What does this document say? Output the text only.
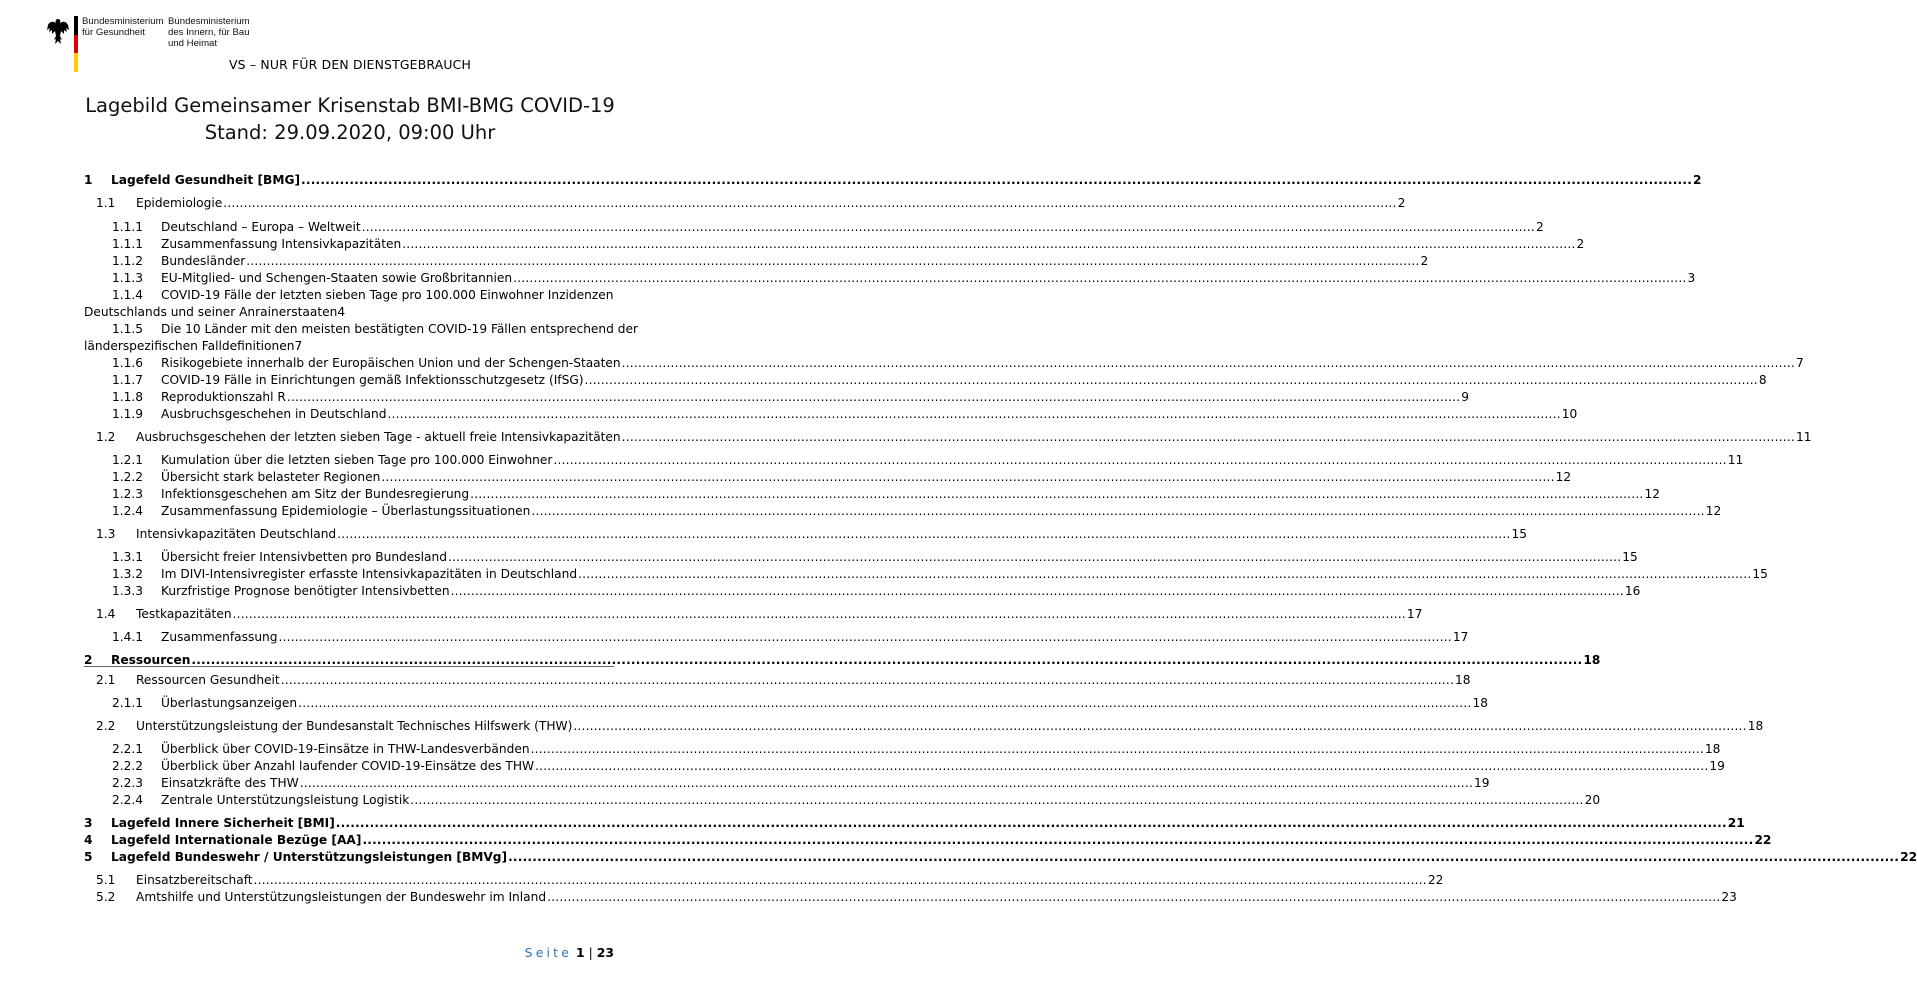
Bundesministerium
für Gesundheit
Bundesministerium
des Innern, für Bau
und Heimat
VS – NUR FÜR DEN DIENSTGEBRAUCH
Lagebild Gemeinsamer Krisenstab BMI-BMG COVID-19
Stand: 29.09.2020, 09:00 Uhr
1 Lagefeld Gesundheit [BMG] .....	2
1.1 Epidemiologie .....	2
1.1.1 Deutschland – Europa – Weltweit .....	2
1.1.1 Zusammenfassung Intensivkapazitäten .....	2
1.1.2 Bundesländer .....	2
1.1.3 EU-Mitglied- und Schengen-Staaten sowie Großbritannien .....	3
1.1.4 COVID-19 Fälle der letzten sieben Tage pro 100.000 Einwohner Inzidenzen
Deutschlands und seiner Anrainerstaaten 4
1.1.5 Die 10 Länder mit den meisten bestätigten COVID-19 Fällen entsprechend der
länderspezifischen Falldefinitionen 7
1.1.6 Risikogebiete innerhalb der Europäischen Union und der Schengen-Staaten .....	7
1.1.7 COVID-19 Fälle in Einrichtungen gemäß Infektionsschutzgesetz (IfSG) .....	8
1.1.8 Reproduktionszahl R .....	9
1.1.9 Ausbruchsgeschehen in Deutschland .....	10
1.2 Ausbruchsgeschehen der letzten sieben Tage - aktuell freie Intensivkapazitäten .....	11
1.2.1 Kumulation über die letzten sieben Tage pro 100.000 Einwohner .....	11
1.2.2 Übersicht stark belasteter Regionen .....	12
1.2.3 Infektionsgeschehen am Sitz der Bundesregierung .....	12
1.2.4 Zusammenfassung Epidemiologie – Überlastungssituationen .....	12
1.3 Intensivkapazitäten Deutschland .....	15
1.3.1 Übersicht freier Intensivbetten pro Bundesland .....	15
1.3.2 Im DIVI-Intensivregister erfasste Intensivkapazitäten in Deutschland .....	15
1.3.3 Kurzfristige Prognose benötigter Intensivbetten .....	16
1.4 Testkapazitäten .....	17
1.4.1 Zusammenfassung .....	17
2 Ressourcen .....	18
2.1 Ressourcen Gesundheit .....	18
2.1.1 Überlastungsanzeigen .....	18
2.2 Unterstützungsleistung der Bundesanstalt Technisches Hilfswerk (THW) .....	18
2.2.1 Überblick über COVID-19-Einsätze in THW-Landesverbänden .....	18
2.2.2 Überblick über Anzahl laufender COVID-19-Einsätze des THW .....	19
2.2.3 Einsatzkräfte des THW .....	19
2.2.4 Zentrale Unterstützungsleistung Logistik .....	20
3 Lagefeld Innere Sicherheit [BMI] .....	21
4 Lagefeld Internationale Bezüge [AA] .....	22
5 Lagefeld Bundeswehr / Unterstützungsleistungen [BMVg] .....	22
5.1 Einsatzbereitschaft .....	22
5.2 Amtshilfe und Unterstützungsleistungen der Bundeswehr im Inland .....	23
Seite 1 | 23
